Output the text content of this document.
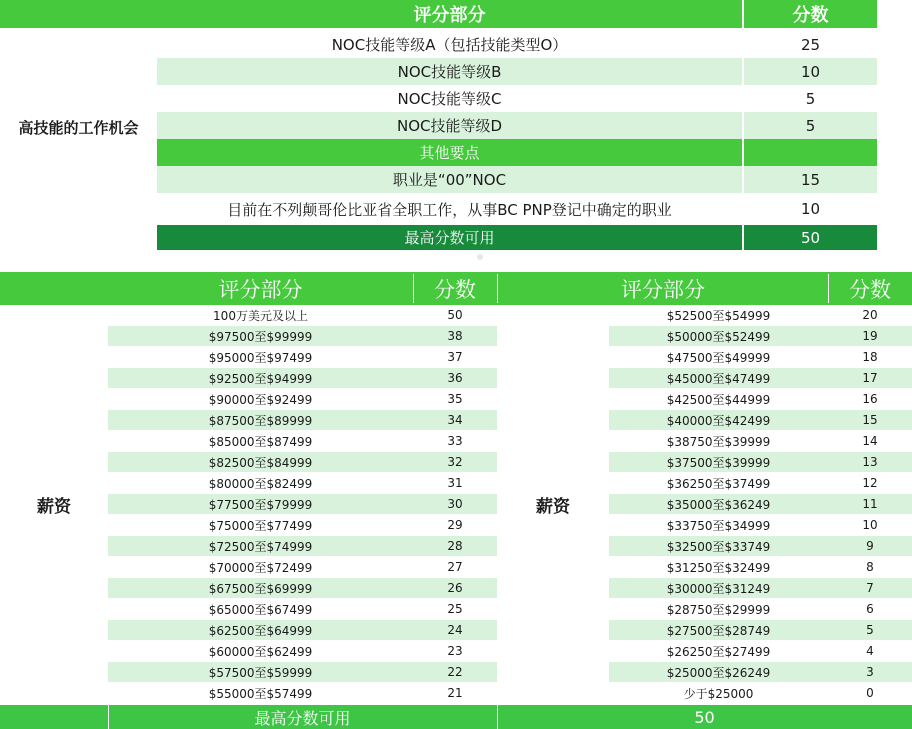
评分部分	分数
高技能的工作机会
NOC技能等级A（包括技能类型O）	25
NOC技能等级B	10
NOC技能等级C	5
NOC技能等级D	5
其他要点
职业是“00”NOC	15
目前在不列颠哥伦比亚省全职工作，从事BC PNP登记中确定的职业	10
最高分数可用	50
评分部分	分数	评分部分	分数
薪资	薪资
100万美元及以上	50	$52500至$54999	20
$97500至$99999	38	$50000至$52499	19
$95000至$97499	37	$47500至$49999	18
$92500至$94999	36	$45000至$47499	17
$90000至$92499	35	$42500至$44999	16
$87500至$89999	34	$40000至$42499	15
$85000至$87499	33	$38750至$39999	14
$82500至$84999	32	$37500至$39999	13
$80000至$82499	31	$36250至$37499	12
$77500至$79999	30	$35000至$36249	11
$75000至$77499	29	$33750至$34999	10
$72500至$74999	28	$32500至$33749	9
$70000至$72499	27	$31250至$32499	8
$67500至$69999	26	$30000至$31249	7
$65000至$67499	25	$28750至$29999	6
$62500至$64999	24	$27500至$28749	5
$60000至$62499	23	$26250至$27499	4
$57500至$59999	22	$25000至$26249	3
$55000至$57499	21	少于$25000	0
最高分数可用	50
